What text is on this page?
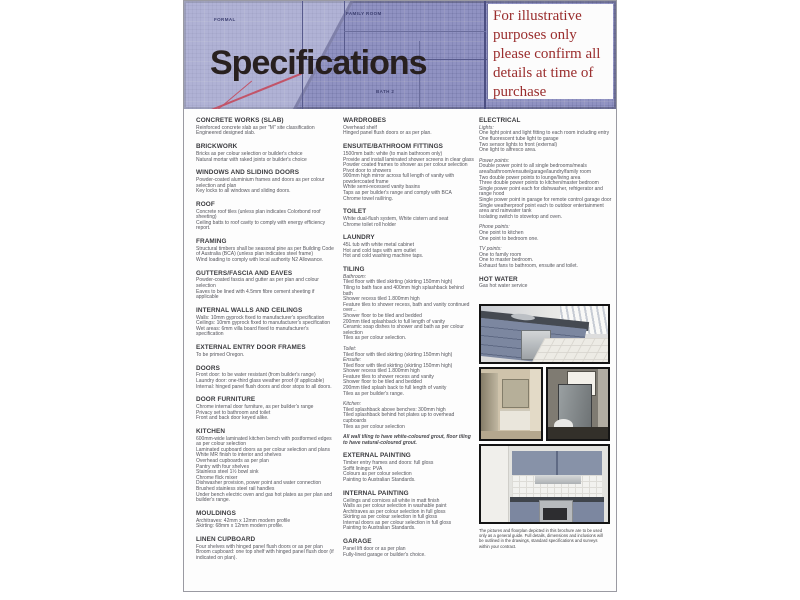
FORMAL
FAMILY ROOM
BATH 2
Specifications
For illustrative
purposes only
please confirm all
details at time of
purchase
CONCRETE WORKS (SLAB)
Reinforced concrete slab as per "M" site classification
Engineered designed slab.
BRICKWORK
Bricks as per colour selection or builder's choice
Natural mortar with raked joints or builder's choice
WINDOWS AND SLIDING DOORS
Powder-coated aluminium frames and doors as per colour selection and plan
Key locks to all windows and sliding doors.
ROOF
Concrete roof tiles (unless plan indicates Colorbond roof sheeting)
Ceiling batts to roof cavity to comply with energy efficiency report.
FRAMING
Structural timbers shall be seasonal pine as per Building Code of Australia (BCA) (unless plan indicates steel frame)
Wind loading to comply with local authority N2 Allowance.
GUTTERS/FASCIA AND EAVES
Powder-coated fascia and gutter as per plan and colour selection
Eaves to be lined with 4.5mm fibre cement sheeting if applicable
INTERNAL WALLS AND CEILINGS
Walls: 10mm gyprock fixed to manufacturer's specification
Ceilings: 10mm gyprock fixed to manufacturer's specification
Wet areas: 6mm villa board fixed to manufacturer's specification
EXTERNAL ENTRY DOOR FRAMES
To be primed Oregon.
DOORS
Front door: to be water resistant (from builder's range)
Laundry door: one-third glass weather proof (if applicable)
Internal: hinged panel flush doors and door stops to all doors.
DOOR FURNITURE
Chrome internal door furniture, as per builder's range
Privacy set to bathroom and toilet
Front and back door keyed alike.
KITCHEN
600mm-wide laminated kitchen bench with postformed edges as per colour selection
Laminated cupboard doors as per colour selection and plans
White MR finish to interior and shelves
Overhead cupboards as per plan
Pantry with four shelves
Stainless steel 1½ bowl sink
Chrome flick mixer
Dishwasher provision, power point and water connection
Brushed stainless steel rail handles
Under bench electric oven and gas hot plates as per plan and builder's range.
MOULDINGS
Architraves: 42mm x 12mm modern profile
Skirting: 68mm x 12mm modern profile.
LINEN CUPBOARD
Four shelves with hinged panel flush doors or as per plan
Broom cupboard: one top shelf with hinged panel flush door (if indicated on plan).
WARDROBES
Overhead shelf
Hinged panel flush doors or as per plan.
ENSUITE/BATHROOM FITTINGS
1500mm bath: white (to main bathroom only)
Provide and install laminated shower screens in clear glass
Powder coated frames to shower as per colour selection
Pivot door to showers
900mm high mirror across full length of vanity with powdercoated frame
White semi-recessed vanity basins
Taps as per builder's range and comply with BCA
Chrome towel rail/ring.
TOILET
White dual-flush system, White cistern and seat
Chrome toilet roll holder
LAUNDRY
45L tub with white metal cabinet
Hot and cold taps with arm outlet
Hot and cold washing machine taps.
TILING
Bathroom:
Tiled floor with tiled skirting (skirting 150mm high)
Tiling to bath face and 400mm high splashback behind bath
Shower recess tiled 1.800mm high
Feature tiles to shower recess, bath and vanity continued over...
Shower floor to be tiled and bedded
200mm tiled splashback to full length of vanity
Ceramic soap dishes to shower and bath as per colour selection
Tiles as per colour selection.
Toilet:
Tiled floor with tiled skirting (skirting 150mm high)
Ensuite:
Tiled floor with tiled skirting (skirting 150mm high)
Shower recess tiled 1.800mm high
Feature tiles to shower recess and vanity
Shower floor to be tiled and bedded
200mm tiled splash back to full length of vanity
Tiles as per builder's range.
Kitchen:
Tiled splashback above benches: 300mm high
Tiled splashback behind hot plates up to overhead cupboards
Tiles as per colour selection
All wall tiling to have white-coloured grout, floor tiling to have natural-coloured grout.
EXTERNAL PAINTING
Timber entry frames and doors: full gloss
Soffit linings: PVA
Colours as per colour selection
Painting to Australian Standards.
INTERNAL PAINTING
Ceilings and cornices all white in matt finish
Walls as per colour selection in washable paint
Architraves as per colour selection in full gloss
Skirting as per colour selection in full gloss
Internal doors as per colour selection in full gloss
Painting to Australian Standards.
GARAGE
Panel lift door or as per plan
Fully-lined garage or builder's choice.
ELECTRICAL
Lights:
One light point and light fitting to each room including entry
One fluorescent tube light to garage
Two sensor lights to front (external)
One light to alfresco area.
Power points:
Double power point to all single bedrooms/meals area/bathroom/ensuite/garage/laundry/family room
Two double power points to lounge/living area
Three double power points to kitchen/master bedroom
Single power point each for dishwasher, refrigerator and range hood
Single power point in garage for remote control garage door
Single weatherproof point each to outdoor entertainment area and rainwater tank
Isolating switch to stovetop and oven.
Phone points:
One point to kitchen
One point to bedroom one.
TV points:
One to family room
One to master bedroom.
Exhaust fans to bathroom, ensuite and toilet.
HOT WATER
Gas hot water service
The pictures and floorplan depicted in this brochure are to be used only as a general guide. Full details, dimensions and inclusions will be outlined in the drawings, standard specifications and surveys within your contract.
